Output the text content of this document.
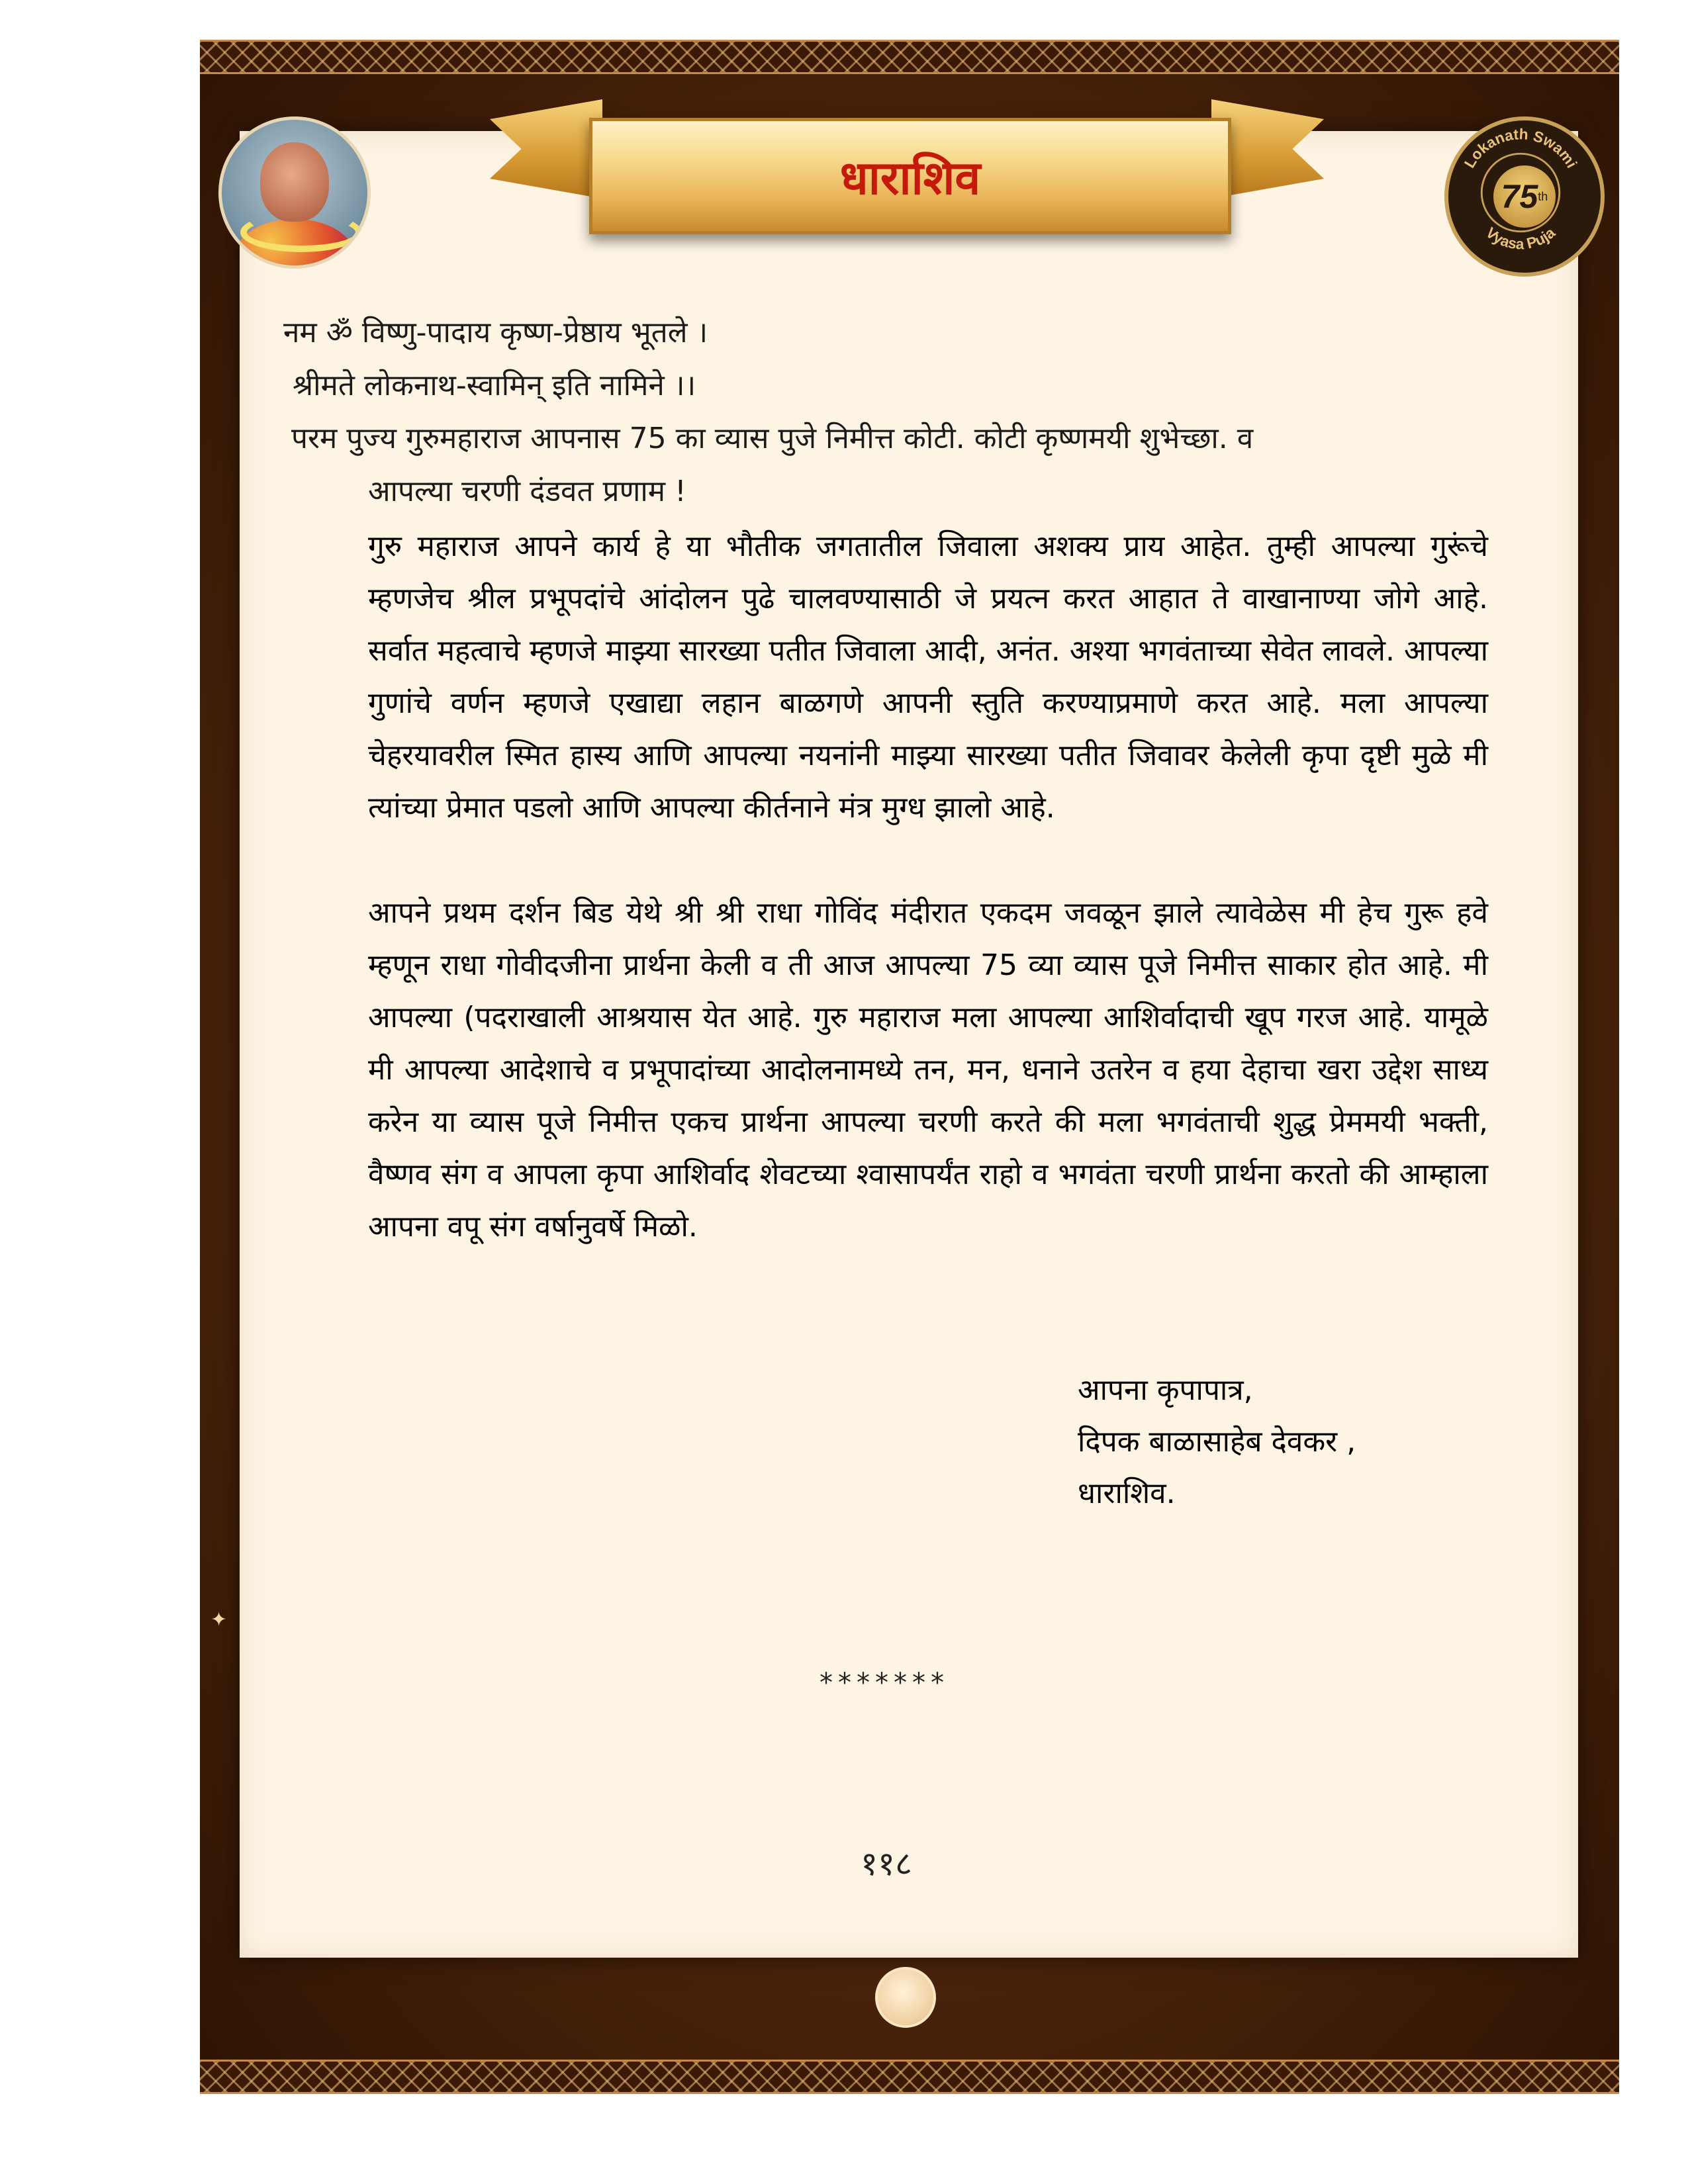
धाराशिव	Lokanath Swami
Vyasa Puja
75 th
नम ॐ विष्णु-पादाय कृष्ण-प्रेष्ठाय भूतले ।
श्रीमते लोकनाथ-स्वामिन् इति नामिने ।।
परम पुज्य गुरुमहाराज आपनास 75 का व्यास पुजे निमीत्त कोटी. कोटी कृष्णमयी शुभेच्छा. व
आपल्या चरणी दंडवत प्रणाम !
गुरु महाराज आपने कार्य हे या भौतीक जगतातील जिवाला अशक्य प्राय आहेत. तुम्ही आपल्या गुरूंचे म्हणजेच श्रील प्रभूपदांचे आंदोलन पुढे चालवण्यासाठी जे प्रयत्न करत आहात ते वाखानाण्या जोगे आहे. सर्वात महत्वाचे म्हणजे माझ्या सारख्या पतीत जिवाला आदी, अनंत. अश्या भगवंताच्या सेवेत लावले. आपल्या गुणांचे वर्णन म्हणजे एखाद्या लहान बाळगणे आपनी स्तुति करण्याप्रमाणे करत आहे. मला आपल्या चेहरयावरील स्मित हास्य आणि आपल्या नयनांनी माझ्या सारख्या पतीत जिवावर केलेली कृपा दृष्टी मुळे मी त्यांच्या प्रेमात पडलो आणि आपल्या कीर्तनाने मंत्र मुग्ध झालो आहे.
आपने प्रथम दर्शन बिड येथे श्री श्री राधा गोविंद मंदीरात एकदम जवळून झाले त्यावेळेस मी हेच गुरू हवे म्हणून राधा गोवीदजीना प्रार्थना केली व ती आज आपल्या 75 व्या व्यास पूजे निमीत्त साकार होत आहे. मी आपल्या (पदराखाली आश्रयास येत आहे. गुरु महाराज मला आपल्या आशिर्वादाची खूप गरज आहे. यामूळे मी आपल्या आदेशाचे व प्रभूपादांच्या आदोलनामध्ये तन, मन, धनाने उतरेन व हया देहाचा खरा उद्देश साध्य करेन या व्यास पूजे निमीत्त एकच प्रार्थना आपल्या चरणी करते की मला भगवंताची शुद्ध प्रेममयी भक्ती, वैष्णव संग व आपला कृपा आशिर्वाद शेवटच्या श्वासापर्यंत राहो व भगवंता चरणी प्रार्थना करतो की आम्हाला आपना वपू संग वर्षानुवर्षे मिळो.
आपना कृपापात्र,
दिपक बाळासाहेब देवकर ,
धाराशिव.
✦
*******
११८
